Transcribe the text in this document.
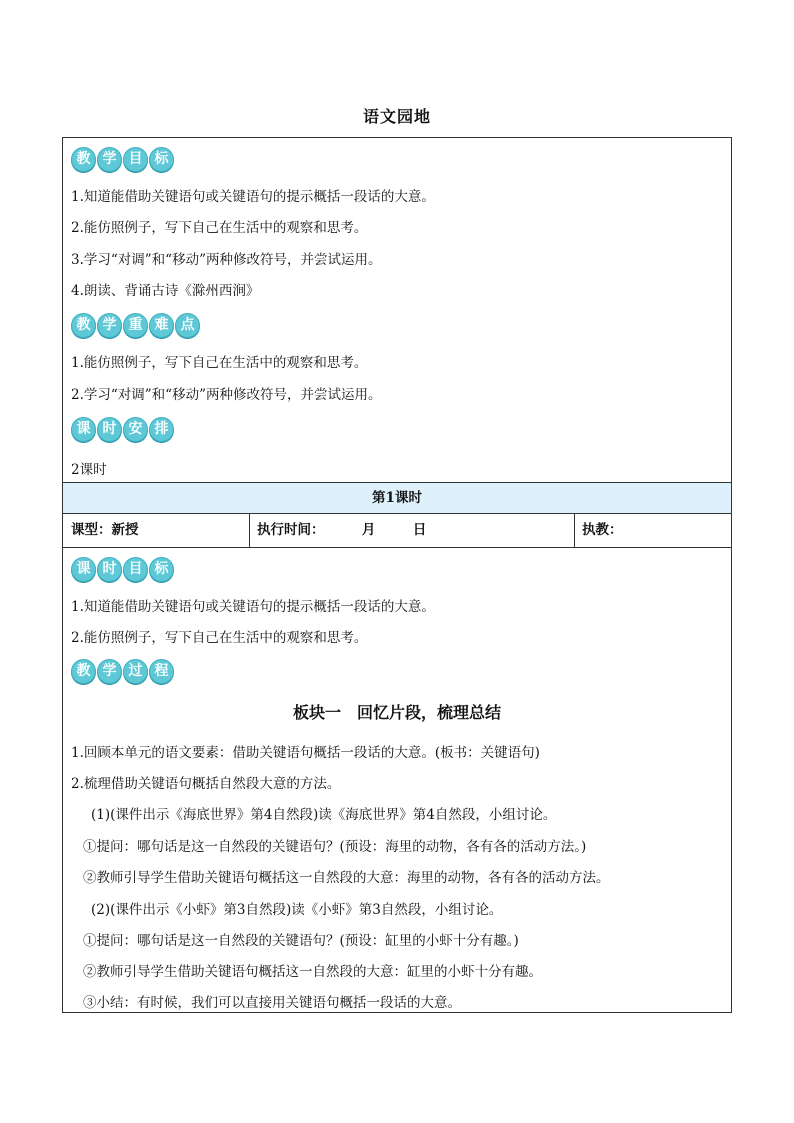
语文园地
教 学 目 标
1.知道能借助关键语句或关键语句的提示概括一段话的大意。
2.能仿照例子，写下自己在生活中的观察和思考。
3.学习“对调”和“移动”两种修改符号，并尝试运用。
4.朗读、背诵古诗《滁州西涧》
教 学 重 难 点
1.能仿照例子，写下自己在生活中的观察和思考。
2.学习“对调”和“移动”两种修改符号，并尝试运用。
课 时 安 排
2课时
第1课时
课型：新授	执行时间：	月	日	执教：
课 时 目 标
1.知道能借助关键语句或关键语句的提示概括一段话的大意。
2.能仿照例子，写下自己在生活中的观察和思考。
教 学 过 程
板块一　回忆片段，梳理总结
1.回顾本单元的语文要素：借助关键语句概括一段话的大意。(板书：关键语句)
2.梳理借助关键语句概括自然段大意的方法。
(1)(课件出示《海底世界》第4自然段)读《海底世界》第4自然段，小组讨论。
①提问：哪句话是这一自然段的关键语句？(预设：海里的动物，各有各的活动方法。)
②教师引导学生借助关键语句概括这一自然段的大意：海里的动物，各有各的活动方法。
(2)(课件出示《小虾》第3自然段)读《小虾》第3自然段，小组讨论。
①提问：哪句话是这一自然段的关键语句？(预设：缸里的小虾十分有趣。)
②教师引导学生借助关键语句概括这一自然段的大意：缸里的小虾十分有趣。
③小结：有时候，我们可以直接用关键语句概括一段话的大意。
